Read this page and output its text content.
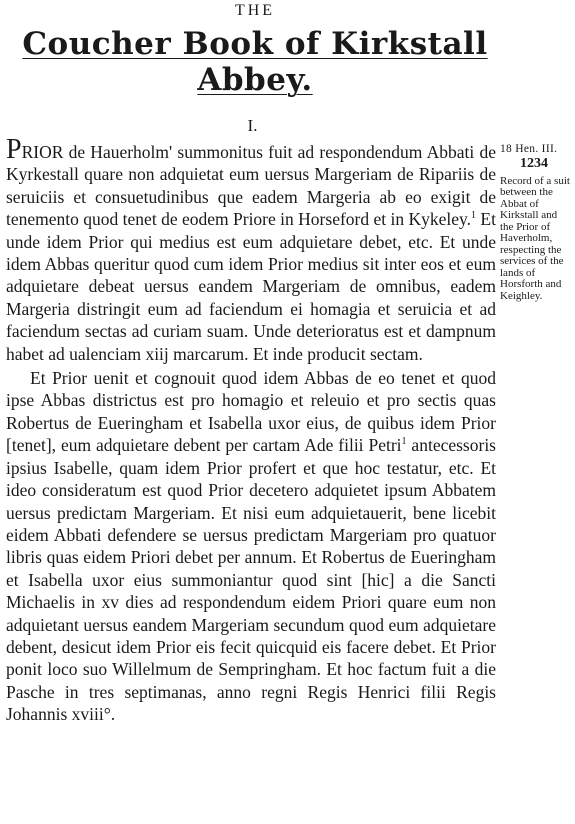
THE
Coucher Book of Kirkstall Abbey.
I.

PRIOR de Hauerholm' summonitus fuit ad respondendum Abbati de Kyrkestall quare non adquietat eum uersus Margeriam de Ripariis de seruiciis et consuetudinibus que eadem Margeria ab eo exigit de tenemento quod tenet de eodem Priore in Horseford et in Kykeley.$^1$ Et unde idem Prior qui medius est eum adquietare debet, etc. Et unde idem Abbas queritur quod cum idem Prior medius sit inter eos et eum adquietare debeat uersus eandem Margeriam de omnibus, eadem Margeria distringit eum ad faciendum ei homagia et seruicia et ad faciendum sectas ad curiam suam. Unde deterioratus est et dampnum habet ad ualenciam xiij marcarum. Et inde producit sectam.

Et Prior uenit et cognouit quod idem Abbas de eo tenet et quod ipse Abbas districtus est pro homagio et releuio et pro sectis quas Robertus de Eueringham et Isabella uxor eius, de quibus idem Prior [tenet], eum adquietare debent per cartam Ade filii Petri$^1$ antecessoris ipsius Isabelle, quam idem Prior profert et que hoc testatur, etc. Et ideo consideratum est quod Prior decetero adquietet ipsum Abbatem uersus predictam Margeriam. Et nisi eum adquietauerit, bene licebit eidem Abbati defendere se uersus predictam Margeriam pro quatuor libris quas eidem Priori debet per annum. Et Robertus de Eueringham et Isabella uxor eius summoniantur quod sint [hic] a die Sancti Michaelis in xv dies ad respondendum eidem Priori quare eum non adquietant uersus eandem Margeriam secundum quod eum adquietare debent, desicut idem Prior eis fecit quicquid eis facere debet. Et Prior ponit loco suo Willelmum de Sempringham. Et hoc factum fuit a die Pasche in tres septimanas, anno regni Regis Henrici filii Regis Johannis xviii°.

18 Hen. III.
1234
Record of a suit between the Abbat of Kirkstall and the Prior of Haverholm, respecting the services of the lands of Horsforth and Keighley.
